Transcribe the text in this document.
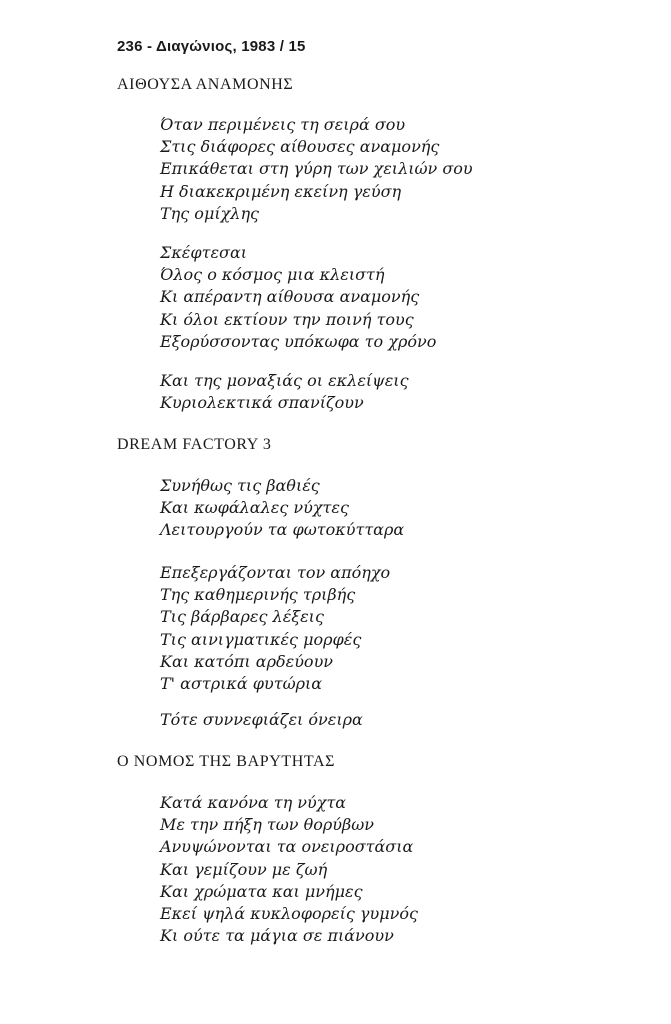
236 - Διαγώνιος, 1983 / 15
ΑΙΘΟΥΣΑ ΑΝΑΜΟΝΗΣ
Όταν περιμένεις τη σειρά σου
Στις διάφορες αίθουσες αναμονής
Επικάθεται στη γύρη των χειλιών σου
Η διακεκριμένη εκείνη γεύση
Της ομίχλης
Σκέφτεσαι
Όλος ο κόσμος μια κλειστή
Κι απέραντη αίθουσα αναμονής
Κι όλοι εκτίουν την ποινή τους
Εξορύσσοντας υπόκωφα το χρόνο
Και της μοναξιάς οι εκλείψεις
Κυριολεκτικά σπανίζουν
DREAM FACTORY 3
Συνήθως τις βαθιές
Και κωφάλαλες νύχτες
Λειτουργούν τα φωτοκύτταρα
Επεξεργάζονται τον απόηχο
Της καθημερινής τριβής
Τις βάρβαρες λέξεις
Τις αινιγματικές μορφές
Και κατόπι αρδεύουν
Τ' αστρικά φυτώρια
Τότε συννεφιάζει όνειρα
Ο ΝΟΜΟΣ ΤΗΣ ΒΑΡΥΤΗΤΑΣ
Κατά κανόνα τη νύχτα
Με την πήξη των θορύβων
Ανυψώνονται τα ονειροστάσια
Και γεμίζουν με ζωή
Και χρώματα και μνήμες
Εκεί ψηλά κυκλοφορείς γυμνός
Κι ούτε τα μάγια σε πιάνουν
